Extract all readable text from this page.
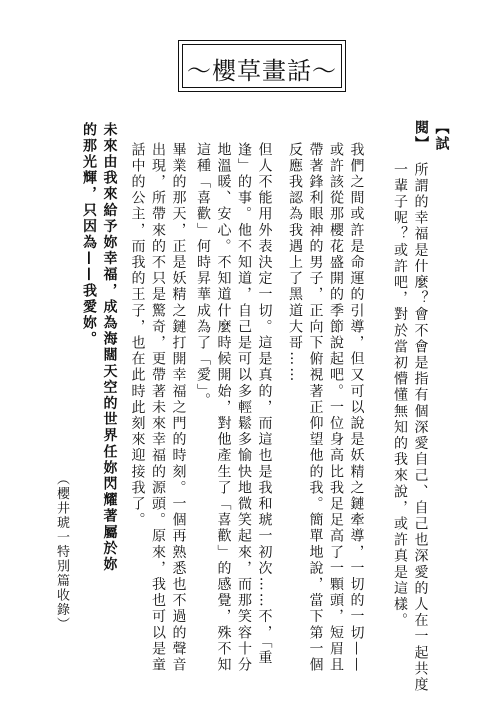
〜櫻草畫話〜

【試閱】

所謂的幸福是什麼？會不會是指有個深愛自己、自己也深愛的人在一起共度一輩子呢？或許吧，對於當初懵懂無知的我來說，或許真是這樣。

我們之間或許是命運的引導，但又可以說是妖精之鏈牽導，一切的一切——或許該從那櫻花盛開的季節說起吧。一位身高比我足足高了一顆頭，短眉且帶著鋒利眼神的男子，正向下俯視著正仰望他的我。簡單地說，當下第一個反應我認為我遇上了黑道大哥……

但人不能用外表決定一切。這是真的，而這也是我和琥一初次……不，「重逢」的事。他不知道，自己是可以多輕鬆多愉快地微笑起來，而那笑容十分地溫暖、安心。不知道什麼時候開始，對他產生了「喜歡」的感覺，殊不知這種「喜歡」何時昇華成為了「愛」。

畢業的那天，正是妖精之鏈打開幸福之門的時刻。一個再熟悉也不過的聲音出現，所帶來的不只是驚奇，更帶著未來幸福的源頭。原來，我也可以是童話中的公主，而我的王子，也在此時此刻來迎接我了。

未來由我來給予妳幸福，成為海闊天空的世界任妳閃耀著屬於妳的那光輝，只因為——我愛妳。

（櫻井琥一特別篇收錄）
